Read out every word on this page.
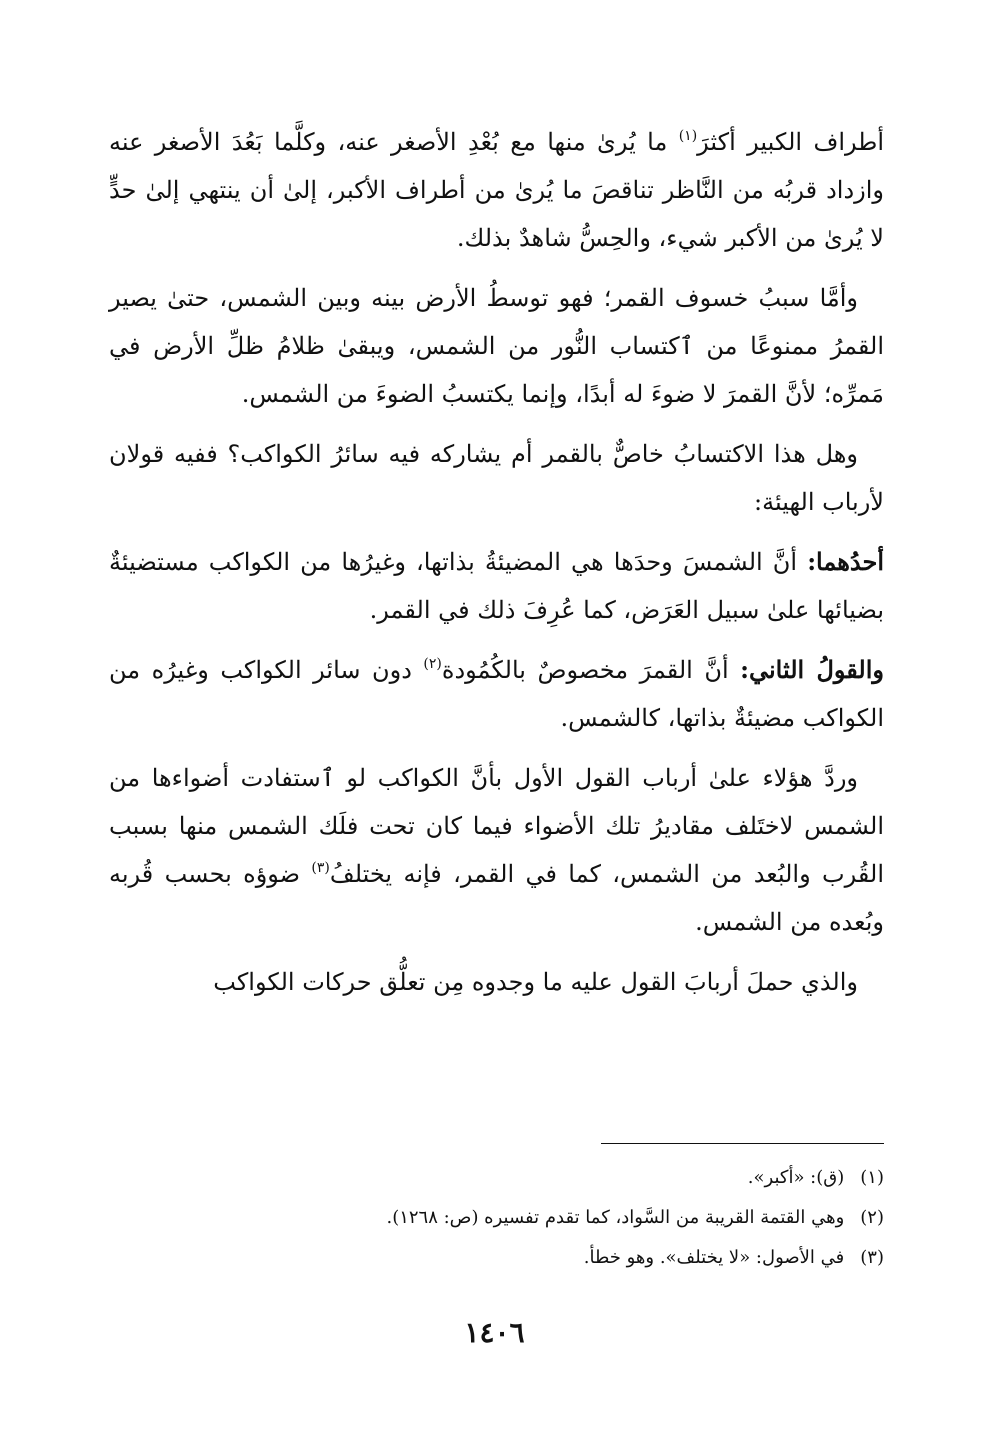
أطراف الكبير أكثرَ$^{(١)}$ ما يُرىٰ منها مع بُعْدِ الأصغر عنه، وكلَّما بَعُدَ الأصغر عنه وازداد قربُه من النَّاظر تناقصَ ما يُرىٰ من أطراف الأكبر، إلىٰ أن ينتهي إلىٰ حدٍّ لا يُرىٰ من الأكبر شيء، والحِسُّ شاهدٌ بذلك.

وأمَّا سببُ خسوف القمر؛ فهو توسطُ الأرض بينه وبين الشمس، حتىٰ يصير القمرُ ممنوعًا من ٱكتساب النُّور من الشمس، ويبقىٰ ظلامُ ظلِّ الأرض في مَمرِّه؛ لأنَّ القمرَ لا ضوءَ له أبدًا، وإنما يكتسبُ الضوءَ من الشمس.

وهل هذا الاكتسابُ خاصٌّ بالقمر أم يشاركه فيه سائرُ الكواكب؟ ففيه قولان لأرباب الهيئة:

أحدُهما: أنَّ الشمسَ وحدَها هي المضيئةُ بذاتها، وغيرُها من الكواكب مستضيئةٌ بضيائها علىٰ سبيل العَرَض، كما عُرِفَ ذلك في القمر.

والقولُ الثاني: أنَّ القمرَ مخصوصٌ بالكُمُودة$^{(٢)}$ دون سائر الكواكب وغيرُه من الكواكب مضيئةٌ بذاتها، كالشمس.

وردَّ هؤلاء علىٰ أرباب القول الأول بأنَّ الكواكب لو ٱستفادت أضواءها من الشمس لاختَلف مقاديرُ تلك الأضواء فيما كان تحت فلَك الشمس منها بسبب القُرب والبُعد من الشمس، كما في القمر، فإنه يختلفُ$^{(٣)}$ ضوؤه بحسب قُربه وبُعده من الشمس.

والذي حملَ أربابَ القول عليه ما وجدوه مِن تعلُّق حركات الكواكب

(١) (ق): «أكبر».
(٢) وهي القتمة القريبة من السَّواد، كما تقدم تفسيره (ص: ١٢٦٨).
(٣) في الأصول: «لا يختلف». وهو خطأ.
١٤٠٦
